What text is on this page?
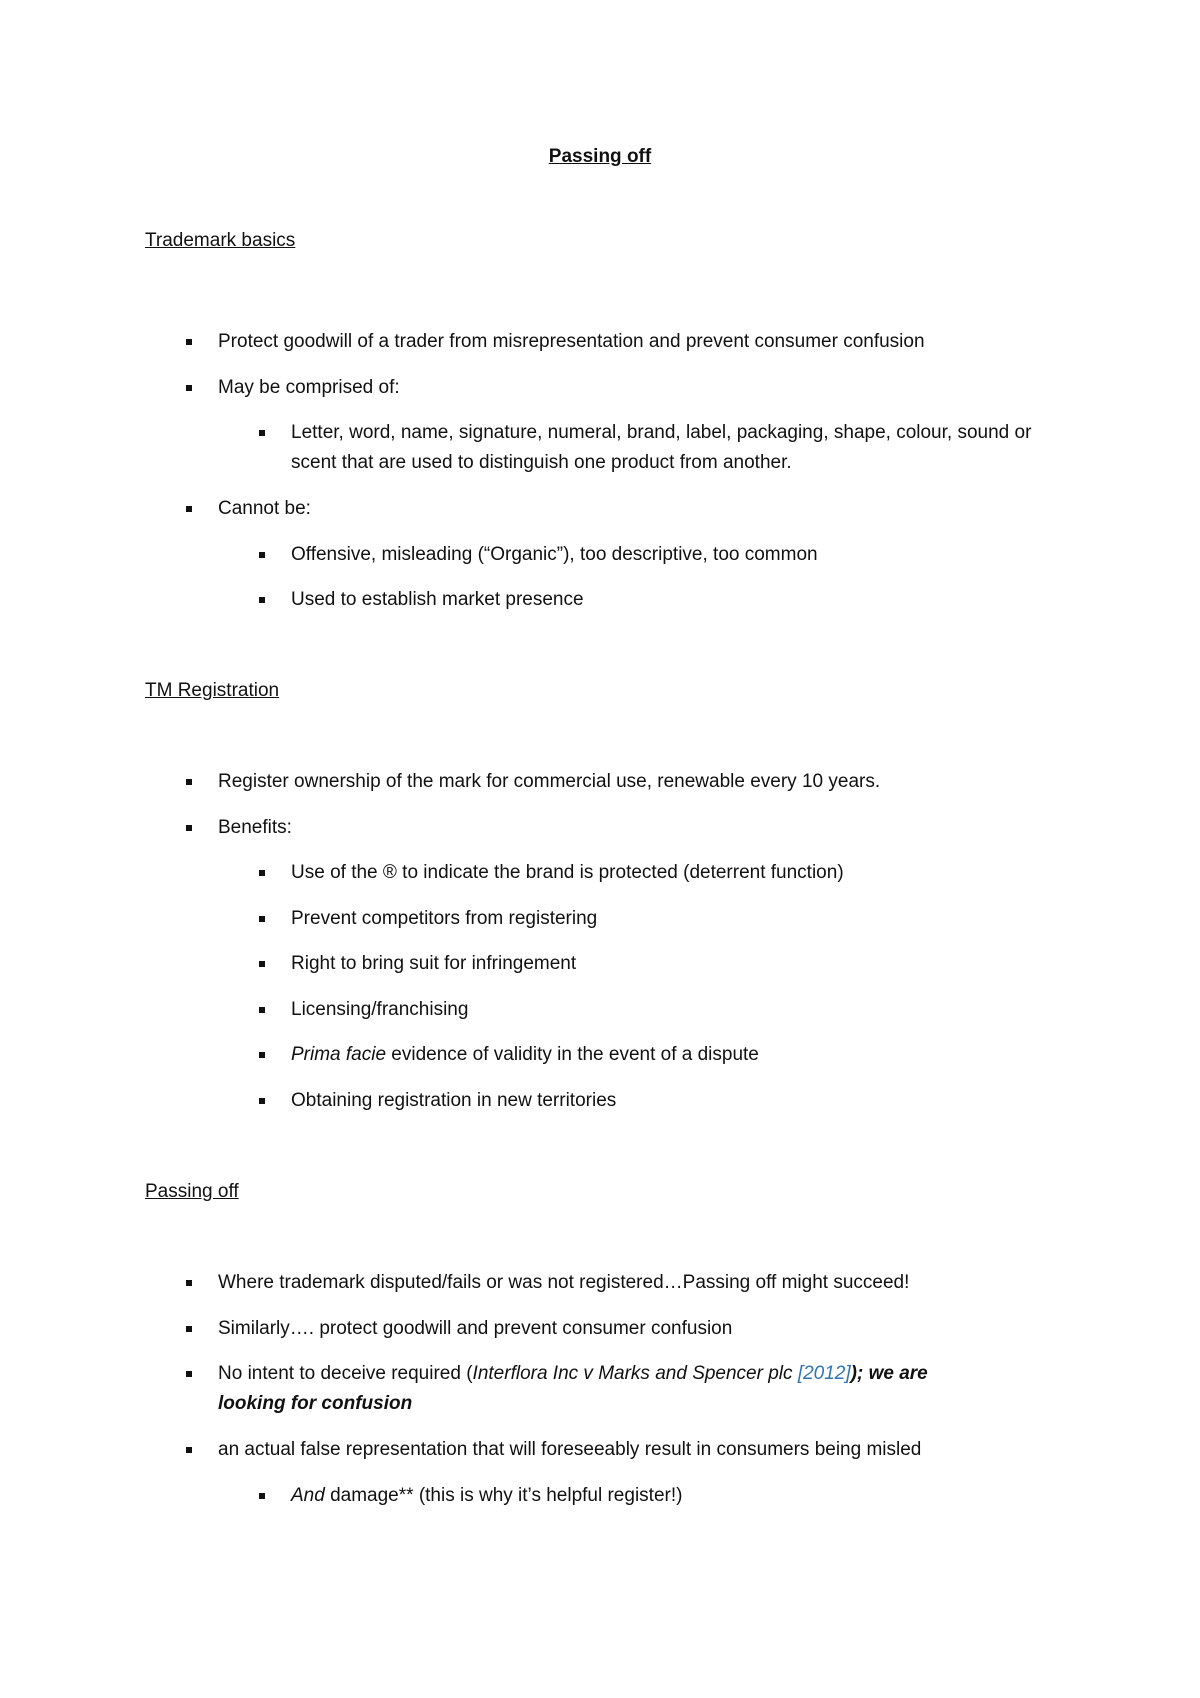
Passing off
Trademark basics
Protect goodwill of a trader from misrepresentation and prevent consumer confusion
May be comprised of:
Letter, word, name, signature, numeral, brand, label, packaging, shape, colour, sound or scent that are used to distinguish one product from another.
Cannot be:
Offensive, misleading (“Organic”), too descriptive, too common
Used to establish market presence
TM Registration
Register ownership of the mark for commercial use, renewable every 10 years.
Benefits:
Use of the ® to indicate the brand is protected (deterrent function)
Prevent competitors from registering
Right to bring suit for infringement
Licensing/franchising
Prima facie evidence of validity in the event of a dispute
Obtaining registration in new territories
Passing off
Where trademark disputed/fails or was not registered…Passing off might succeed!
Similarly…. protect goodwill and prevent consumer confusion
No intent to deceive required (Interflora Inc v Marks and Spencer plc [2012]); we are looking for confusion
an actual false representation that will foreseeably result in consumers being misled
And damage** (this is why it’s helpful register!)
